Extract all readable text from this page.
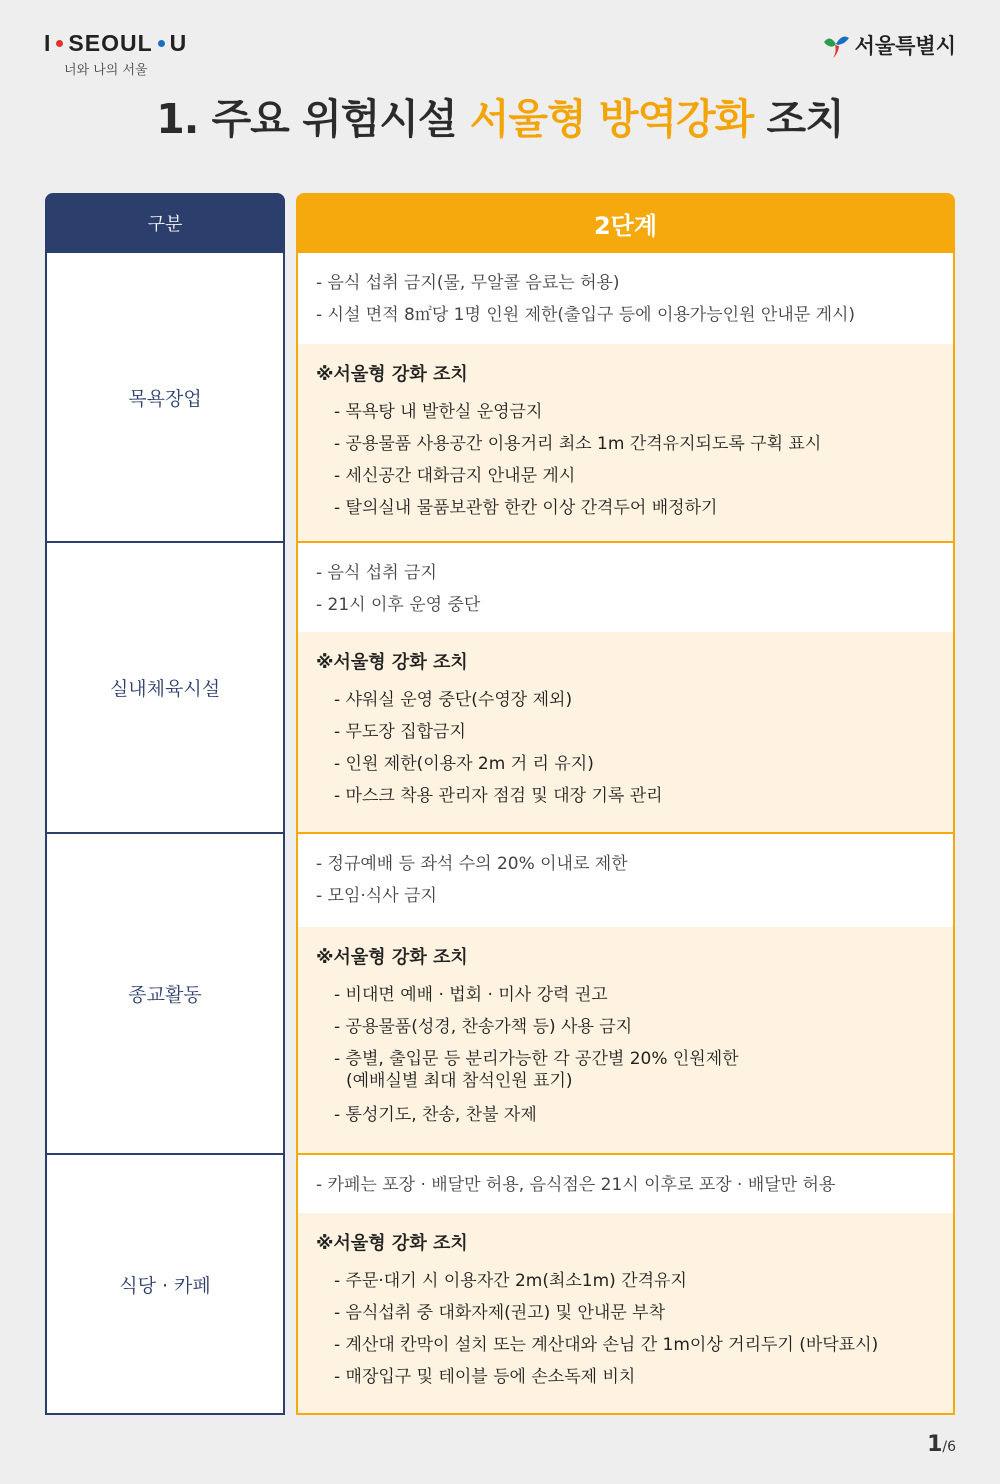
I SEOUL U
너와 나의 서울
서울특별시
1. 주요 위험시설 서울형 방역강화 조치
구분	2단계
목욕장업
실내체육시설
종교활동
식당 · 카페
- 음식 섭취 금지(물, 무알콜 음료는 허용)
- 시설 면적 8㎡당 1명 인원 제한(출입구 등에 이용가능인원 안내문 게시)
※서울형 강화 조치
- 목욕탕 내 발한실 운영금지
- 공용물품 사용공간 이용거리 최소 1m 간격유지되도록 구획 표시
- 세신공간 대화금지 안내문 게시
- 탈의실내 물품보관함 한칸 이상 간격두어 배정하기
- 음식 섭취 금지
- 21시 이후 운영 중단
※서울형 강화 조치
- 샤워실 운영 중단(수영장 제외)
- 무도장 집합금지
- 인원 제한(이용자 2m 거 리 유지)
- 마스크 착용 관리자 점검 및 대장 기록 관리
- 정규예배 등 좌석 수의 20% 이내로 제한
- 모임·식사 금지
※서울형 강화 조치
- 비대면 예배 · 법회 · 미사 강력 권고
- 공용물품(성경, 찬송가책 등) 사용 금지
- 층별, 출입문 등 분리가능한 각 공간별 20% 인원제한
(예배실별 최대 참석인원 표기)
- 통성기도, 찬송, 찬불 자제
- 카페는 포장 · 배달만 허용, 음식점은 21시 이후로 포장 · 배달만 허용
※서울형 강화 조치
- 주문·대기 시 이용자간 2m(최소1m) 간격유지
- 음식섭취 중 대화자제(권고) 및 안내문 부착
- 계산대 칸막이 설치 또는 계산대와 손님 간 1m이상 거리두기 (바닥표시)
- 매장입구 및 테이블 등에 손소독제 비치
1/6
